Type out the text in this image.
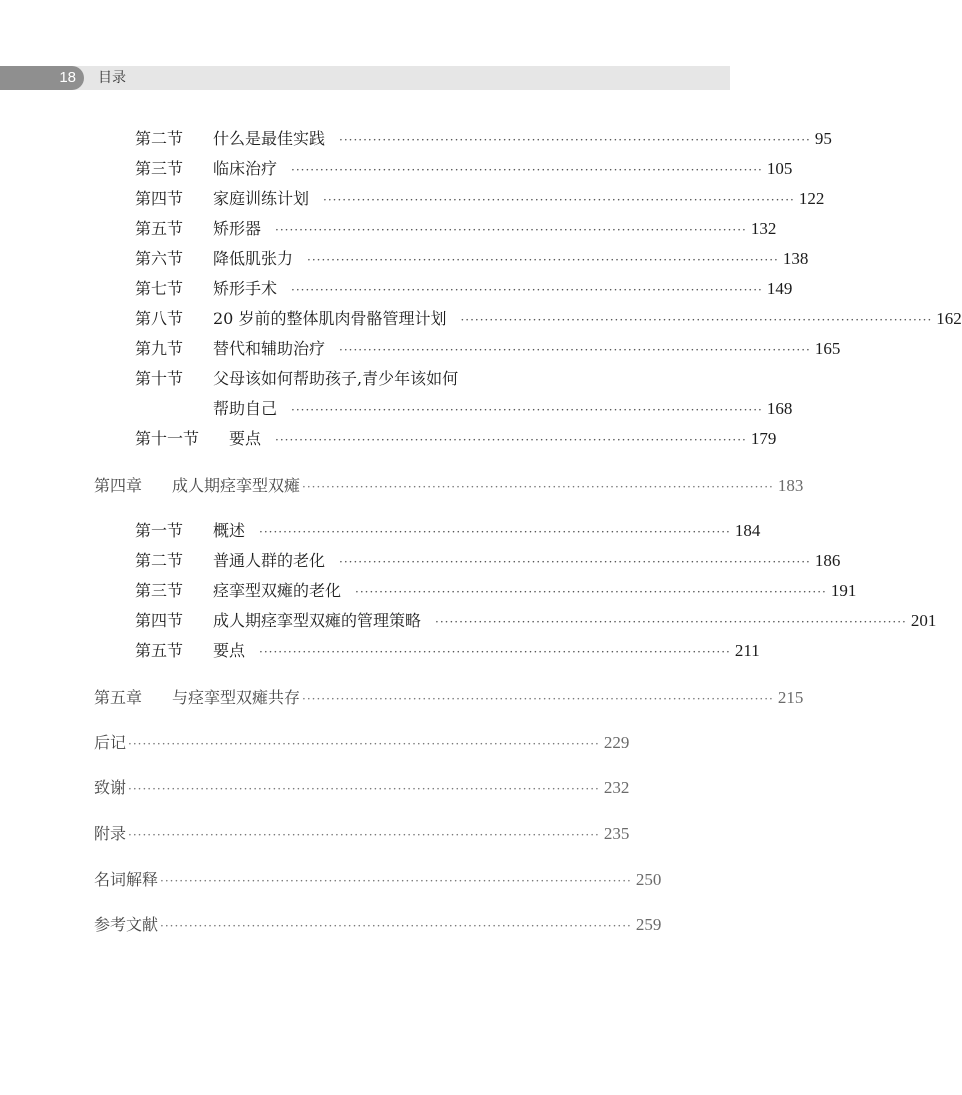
18 目录
第二节	什么是最佳实践 ·································································································· 95
第三节	临床治疗 ·································································································· 105
第四节	家庭训练计划 ·································································································· 122
第五节	矫形器 ·································································································· 132
第六节	降低肌张力 ·································································································· 138
第七节	矫形手术 ·································································································· 149
第八节	20 岁前的整体肌肉骨骼管理计划 ·································································································· 162
第九节	替代和辅助治疗 ·································································································· 165
第十节	父母该如何帮助孩子,青少年该如何
帮助自己 ·································································································· 168
第十一节	要点 ·································································································· 179
第四章	成人期痉挛型双瘫 ·································································································· 183
第一节	概述 ·································································································· 184
第二节	普通人群的老化 ·································································································· 186
第三节	痉挛型双瘫的老化 ·································································································· 191
第四节	成人期痉挛型双瘫的管理策略 ·································································································· 201
第五节	要点 ·································································································· 211
第五章	与痉挛型双瘫共存 ·································································································· 215
后记 ·································································································· 229
致谢 ·································································································· 232
附录 ·································································································· 235
名词解释 ·································································································· 250
参考文献 ·································································································· 259
